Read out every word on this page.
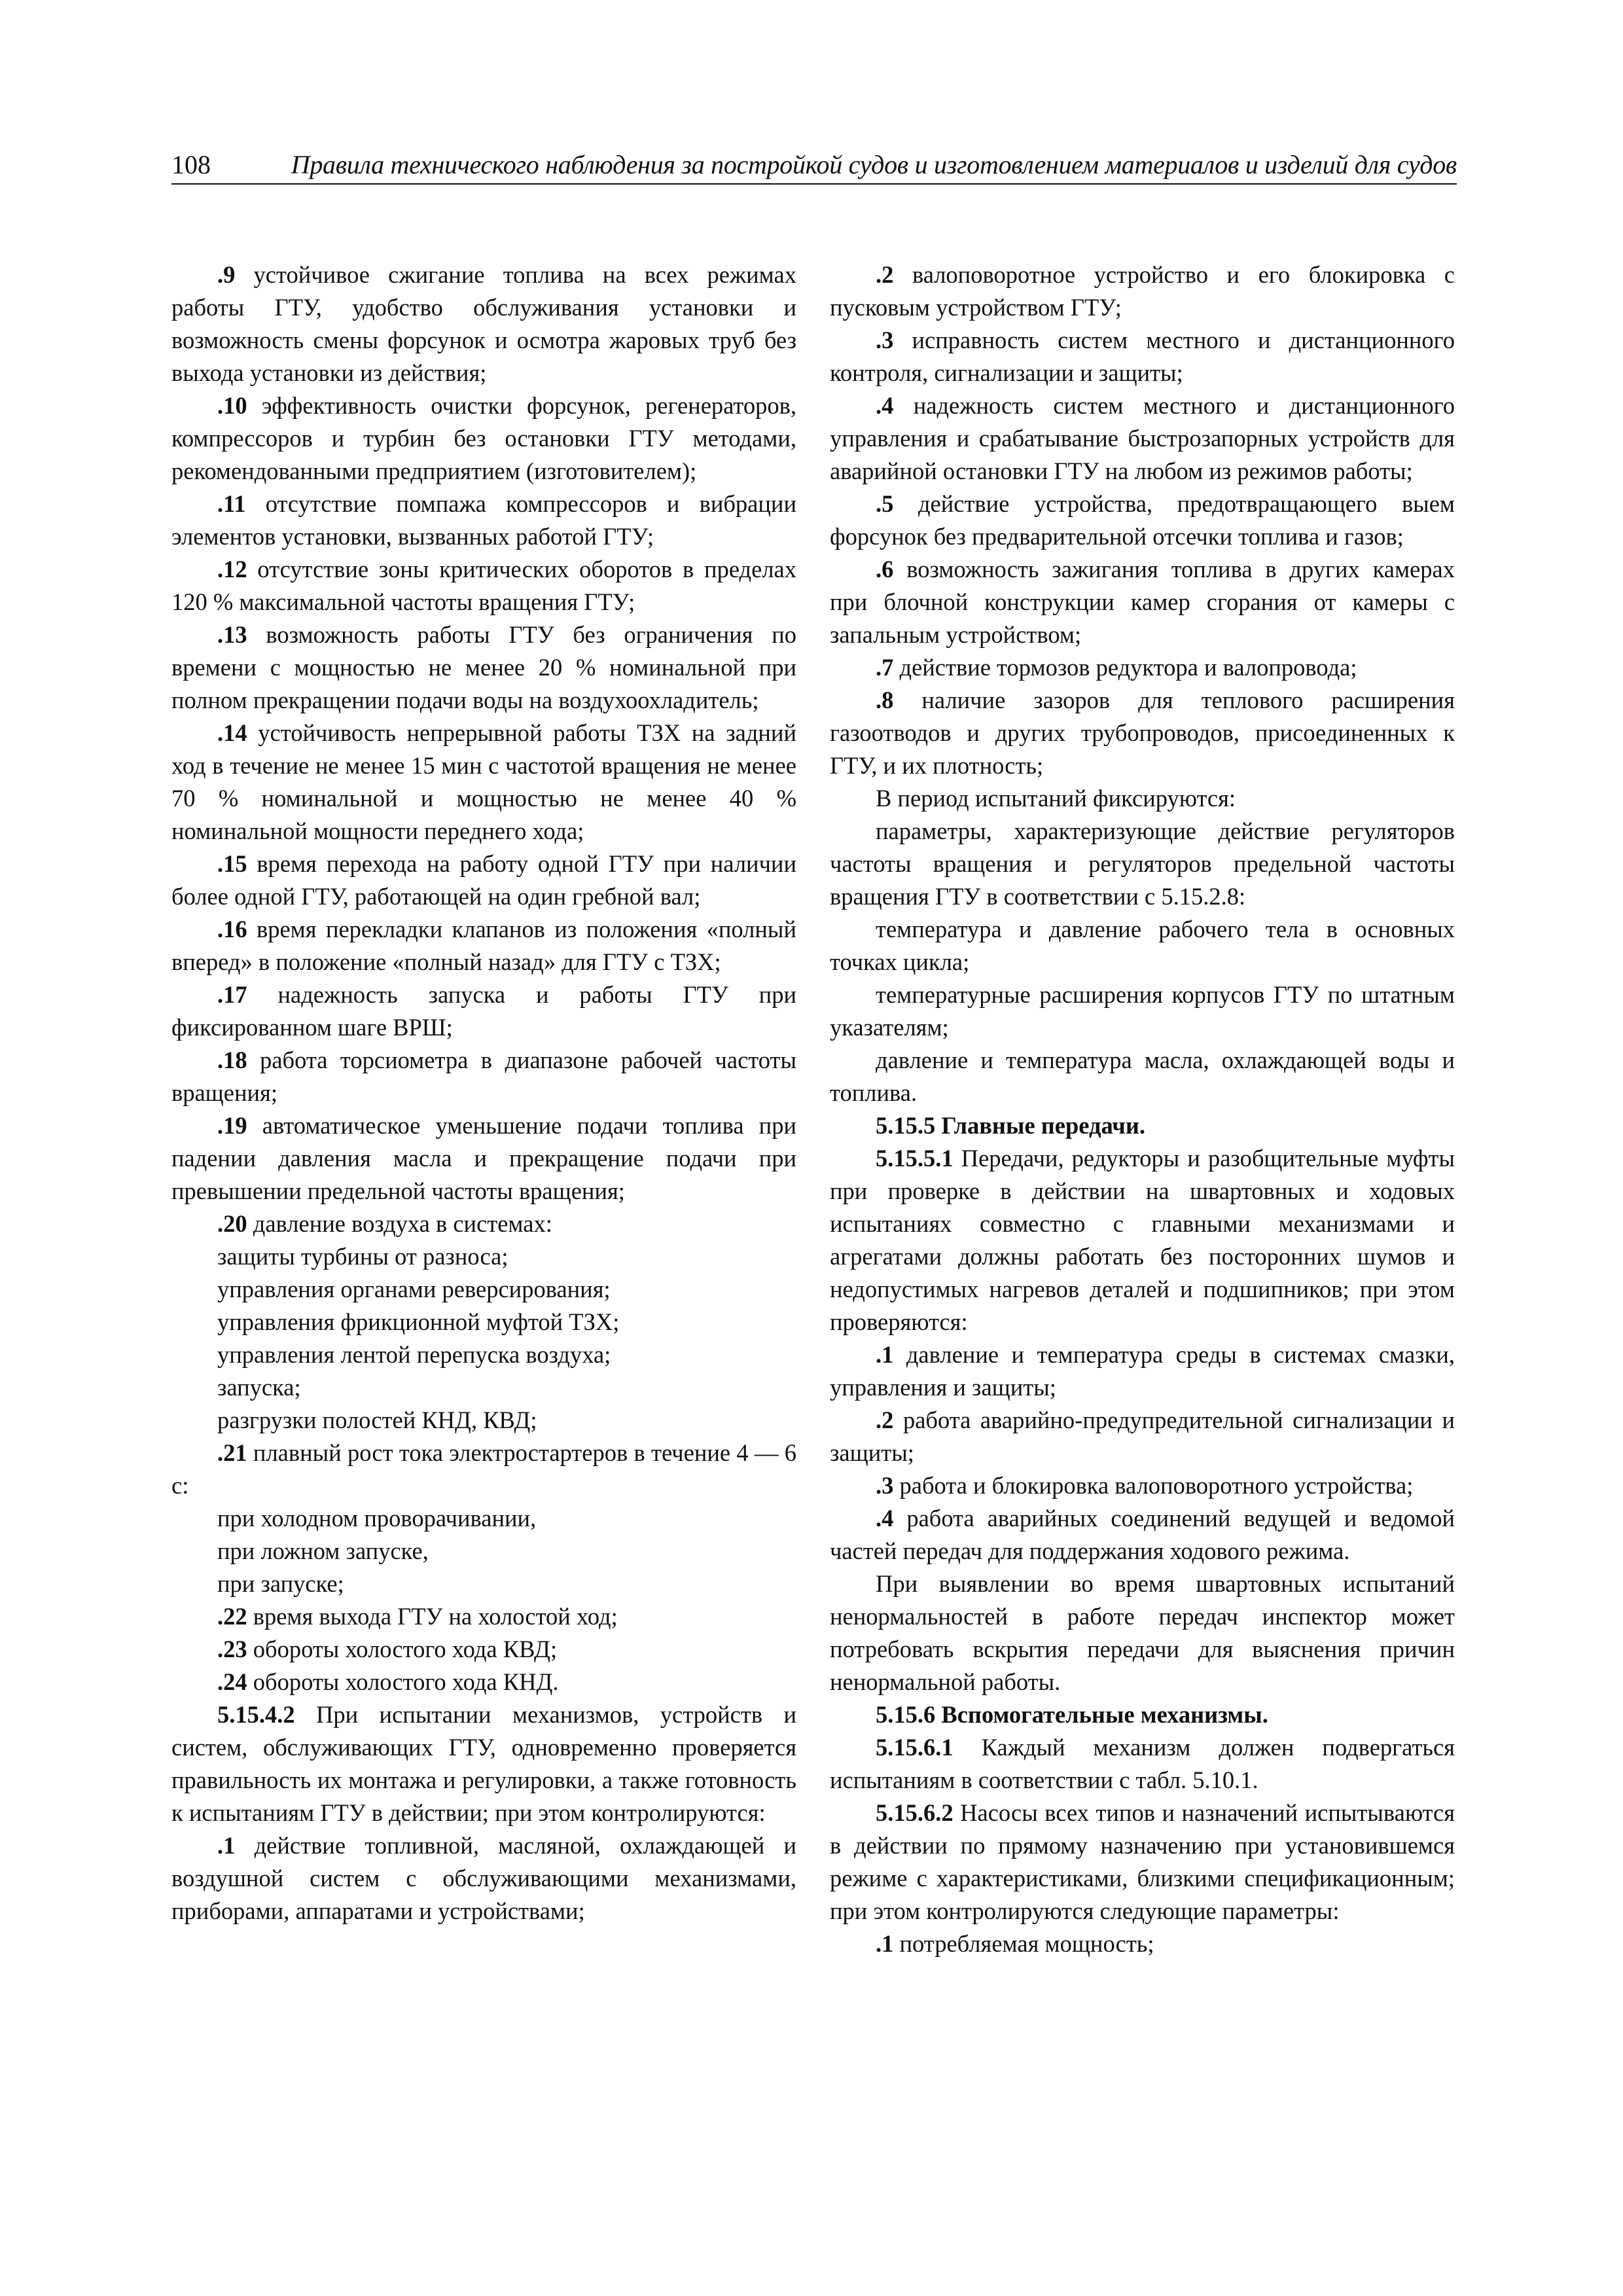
108	Правила технического наблюдения за постройкой судов и изготовлением материалов и изделий для судов

.9 устойчивое сжигание топлива на всех режимах работы ГТУ, удобство обслуживания установки и возможность смены форсунок и осмотра жаровых труб без выхода установки из действия;

.10 эффективность очистки форсунок, регенераторов, компрессоров и турбин без остановки ГТУ методами, рекомендованными предприятием (изготовителем);

.11 отсутствие помпажа компрессоров и вибрации элементов установки, вызванных работой ГТУ;

.12 отсутствие зоны критических оборотов в пределах 120 % максимальной частоты вращения ГТУ;

.13 возможность работы ГТУ без ограничения по времени с мощностью не менее 20 % номинальной при полном прекращении подачи воды на воздухоохладитель;

.14 устойчивость непрерывной работы ТЗХ на задний ход в течение не менее 15 мин с частотой вращения не менее 70 % номинальной и мощностью не менее 40 % номинальной мощности переднего хода;

.15 время перехода на работу одной ГТУ при наличии более одной ГТУ, работающей на один гребной вал;

.16 время перекладки клапанов из положения «полный вперед» в положение «полный назад» для ГТУ с ТЗХ;

.17 надежность запуска и работы ГТУ при фиксированном шаге ВРШ;

.18 работа торсиометра в диапазоне рабочей частоты вращения;

.19 автоматическое уменьшение подачи топлива при падении давления масла и прекращение подачи при превышении предельной частоты вращения;

.20 давление воздуха в системах:

защиты турбины от разноса;

управления органами реверсирования;

управления фрикционной муфтой ТЗХ;

управления лентой перепуска воздуха;

запуска;

разгрузки полостей КНД, КВД;

.21 плавный рост тока электростартеров в течение 4 — 6 с:

при холодном проворачивании,

при ложном запуске,

при запуске;

.22 время выхода ГТУ на холостой ход;

.23 обороты холостого хода КВД;

.24 обороты холостого хода КНД.

5.15.4.2 При испытании механизмов, устройств и систем, обслуживающих ГТУ, одновременно проверяется правильность их монтажа и регулировки, а также готовность к испытаниям ГТУ в действии; при этом контролируются:

.1 действие топливной, масляной, охлаждающей и воздушной систем с обслуживающими механизмами, приборами, аппаратами и устройствами;

.2 валоповоротное устройство и его блокировка с пусковым устройством ГТУ;

.3 исправность систем местного и дистанционного контроля, сигнализации и защиты;

.4 надежность систем местного и дистанционного управления и срабатывание быстрозапорных устройств для аварийной остановки ГТУ на любом из режимов работы;

.5 действие устройства, предотвращающего выем форсунок без предварительной отсечки топлива и газов;

.6 возможность зажигания топлива в других камерах при блочной конструкции камер сгорания от камеры с запальным устройством;

.7 действие тормозов редуктора и валопровода;

.8 наличие зазоров для теплового расширения газоотводов и других трубопроводов, присоединенных к ГТУ, и их плотность;

В период испытаний фиксируются:

параметры, характеризующие действие регуляторов частоты вращения и регуляторов предельной частоты вращения ГТУ в соответствии с 5.15.2.8:

температура и давление рабочего тела в основных точках цикла;

температурные расширения корпусов ГТУ по штатным указателям;

давление и температура масла, охлаждающей воды и топлива.

5.15.5 Главные передачи.

5.15.5.1 Передачи, редукторы и разобщительные муфты при проверке в действии на швартовных и ходовых испытаниях совместно с главными механизмами и агрегатами должны работать без посторонних шумов и недопустимых нагревов деталей и подшипников; при этом проверяются:

.1 давление и температура среды в системах смазки, управления и защиты;

.2 работа аварийно-предупредительной сигнализации и защиты;

.3 работа и блокировка валоповоротного устройства;

.4 работа аварийных соединений ведущей и ведомой частей передач для поддержания ходового режима.

При выявлении во время швартовных испытаний ненормальностей в работе передач инспектор может потребовать вскрытия передачи для выяснения причин ненормальной работы.

5.15.6 Вспомогательные механизмы.

5.15.6.1 Каждый механизм должен подвергаться испытаниям в соответствии с табл. 5.10.1.

5.15.6.2 Насосы всех типов и назначений испытываются в действии по прямому назначению при установившемся режиме с характеристиками, близкими спецификационным; при этом контролируются следующие параметры:

.1 потребляемая мощность;
